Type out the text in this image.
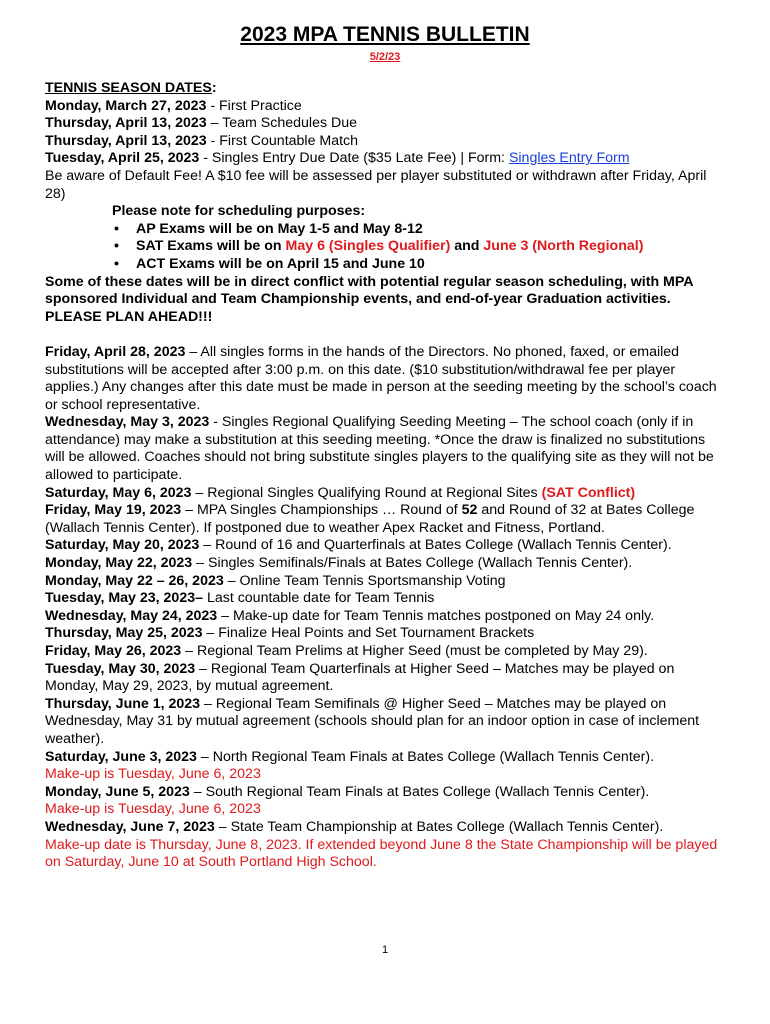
2023 MPA TENNIS BULLETIN
5/2/23

TENNIS SEASON DATES:

Monday, March 27, 2023 - First Practice

Thursday, April 13, 2023 – Team Schedules Due

Thursday, April 13, 2023 - First Countable Match

Tuesday, April 25, 2023 - Singles Entry Due Date ($35 Late Fee) | Form: Singles Entry Form

Be aware of Default Fee! A $10 fee will be assessed per player substituted or withdrawn after Friday, April 28)

Please note for scheduling purposes:

• AP Exams will be on May 1-5 and May 8-12
• SAT Exams will be on May 6 (Singles Qualifier) and June 3 (North Regional)
• ACT Exams will be on April 15 and June 10

Some of these dates will be in direct conflict with potential regular season scheduling, with MPA sponsored Individual and Team Championship events, and end-of-year Graduation activities. PLEASE PLAN AHEAD!!!

Friday, April 28, 2023 – All singles forms in the hands of the Directors. No phoned, faxed, or emailed substitutions will be accepted after 3:00 p.m. on this date. ($10 substitution/withdrawal fee per player applies.) Any changes after this date must be made in person at the seeding meeting by the school’s coach or school representative.

Wednesday, May 3, 2023 - Singles Regional Qualifying Seeding Meeting – The school coach (only if in attendance) may make a substitution at this seeding meeting. *Once the draw is finalized no substitutions will be allowed. Coaches should not bring substitute singles players to the qualifying site as they will not be allowed to participate.

Saturday, May 6, 2023 – Regional Singles Qualifying Round at Regional Sites (SAT Conflict)

Friday, May 19, 2023 – MPA Singles Championships … Round of 52 and Round of 32 at Bates College (Wallach Tennis Center). If postponed due to weather Apex Racket and Fitness, Portland.

Saturday, May 20, 2023 – Round of 16 and Quarterfinals at Bates College (Wallach Tennis Center).

Monday, May 22, 2023 – Singles Semifinals/Finals at Bates College (Wallach Tennis Center).

Monday, May 22 – 26, 2023 – Online Team Tennis Sportsmanship Voting

Tuesday, May 23, 2023– Last countable date for Team Tennis

Wednesday, May 24, 2023 – Make-up date for Team Tennis matches postponed on May 24 only.

Thursday, May 25, 2023 – Finalize Heal Points and Set Tournament Brackets

Friday, May 26, 2023 – Regional Team Prelims at Higher Seed (must be completed by May 29).

Tuesday, May 30, 2023 – Regional Team Quarterfinals at Higher Seed – Matches may be played on Monday, May 29, 2023, by mutual agreement.

Thursday, June 1, 2023 – Regional Team Semifinals @ Higher Seed – Matches may be played on Wednesday, May 31 by mutual agreement (schools should plan for an indoor option in case of inclement weather).

Saturday, June 3, 2023 – North Regional Team Finals at Bates College (Wallach Tennis Center).

Make-up is Tuesday, June 6, 2023

Monday, June 5, 2023 – South Regional Team Finals at Bates College (Wallach Tennis Center).

Make-up is Tuesday, June 6, 2023

Wednesday, June 7, 2023 – State Team Championship at Bates College (Wallach Tennis Center).

Make-up date is Thursday, June 8, 2023. If extended beyond June 8 the State Championship will be played on Saturday, June 10 at South Portland High School.

1
